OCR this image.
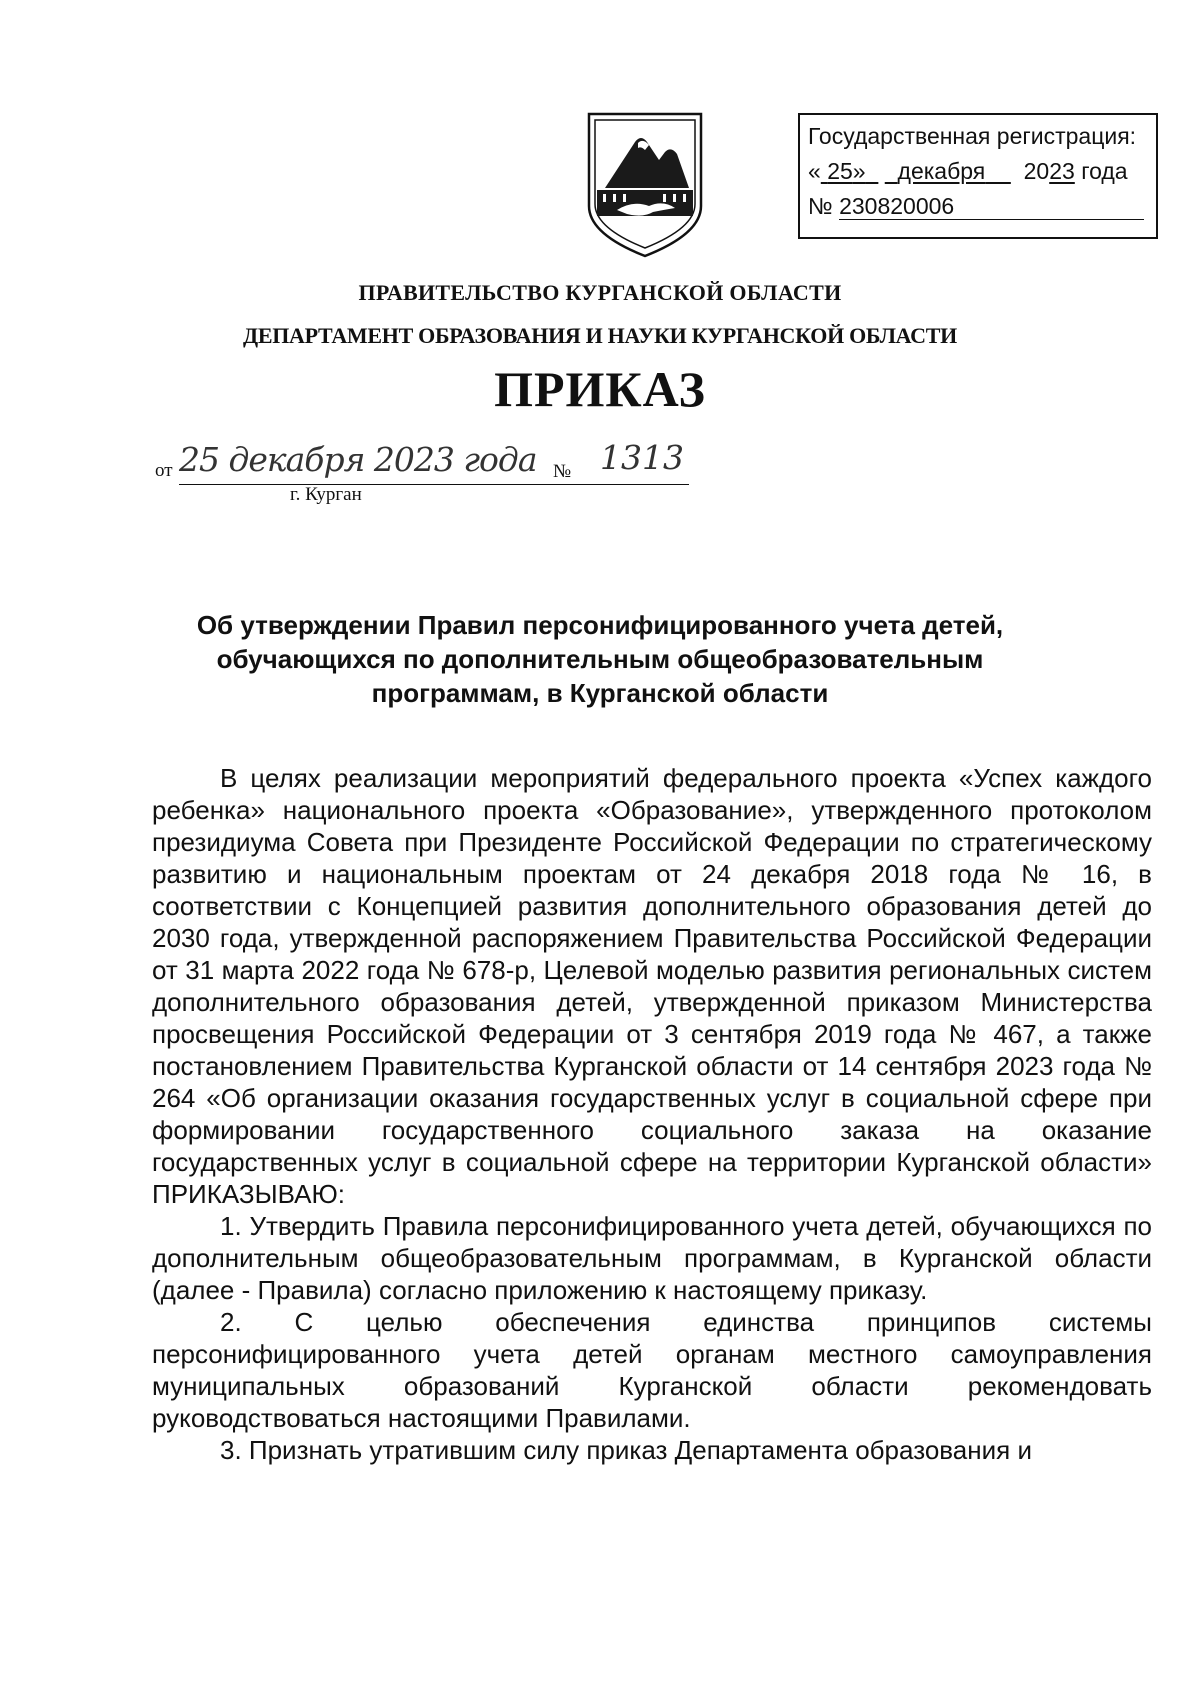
Государственная регистрация:
« 25» декабря 2023 года
№ 230820006
ПРАВИТЕЛЬСТВО КУРГАНСКОЙ ОБЛАСТИ
ДЕПАРТАМЕНТ ОБРАЗОВАНИЯ И НАУКИ КУРГАНСКОЙ ОБЛАСТИ
ПРИКАЗ
от 25 декабря 2023 года № 1313
г. Курган
Об утверждении Правил персонифицированного учета детей,
обучающихся по дополнительным общеобразовательным
программам, в Курганской области

В целях реализации мероприятий федерального проекта «Успех каждого ребенка» национального проекта «Образование», утвержденного протоколом президиума Совета при Президенте Российской Федерации по стратегическому развитию и национальным проектам от 24 декабря 2018 года № 16, в соответствии с Концепцией развития дополнительного образования детей до 2030 года, утвержденной распоряжением Правительства Российской Федерации от 31 марта 2022 года № 678-р, Целевой моделью развития региональных систем дополнительного образования детей, утвержденной приказом Министерства просвещения Российской Федерации от 3 сентября 2019 года № 467, а также постановлением Правительства Курганской области от 14 сентября 2023 года № 264 «Об организации оказания государственных услуг в социальной сфере при формировании государственного социального заказа на оказание государственных услуг в социальной сфере на территории Курганской области» ПРИКАЗЫВАЮ:

1. Утвердить Правила персонифицированного учета детей, обучающихся по дополнительным общеобразовательным программам, в Курганской области (далее - Правила) согласно приложению к настоящему приказу.

2. С целью обеспечения единства принципов системы персонифицированного учета детей органам местного самоуправления муниципальных образований Курганской области рекомендовать руководствоваться настоящими Правилами.

3. Признать утратившим силу приказ Департамента образования и
